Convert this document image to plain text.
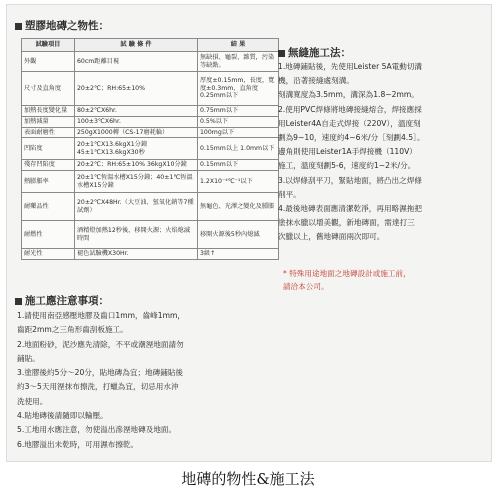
塑膠地磚之物性：
試驗項目	試 驗 條 件	結 果
外觀	60cm距離目視	無缺損、龜裂、雜質，污染等缺點。
尺寸及直角度	20±2℃；RH:65±10%	厚度±0.15mm，長度，寬度±0.3mm，直角度0.25mm以下
加熱長度變化量	80±2℃X6hr.	0.75mm以下
加熱減量	100±3℃X6hr.	0.5%以下
表面耐磨性	250gX1000轉（CS-17磨耗輪）	100mg以下
凹陷度	20±1℃X13.6kgX1分鐘 45±1℃X13.6kgX30秒	0.15mm以上 1.0mm以下
殘存凹陷度	20±2℃；RH:65±10% 36kgX10分鐘	0.15mm以下
熱膨脹率	20±1℃恆溫水槽X15分鐘；40±1℃恆溫水槽X15分鐘	1.2X10⁻⁴℃⁻¹以下
耐藥品性	20±2℃X48Hr.（大豆油、氫氧化鈉等7種試劑）	無龜色、光澤之變化及腫脹
耐燃性	酒精燈加熱12秒後，移開火源；火焰熄滅時間	移開火源後5秒內熄滅
耐光性	褪色試驗機X30Hr.	3級↑
施工應注意事項：
1.請使用南亞感壓地膠及齒口1mm，齒峰1mm，
齒距2mm之三角形齒刮板施工。
2.地面粉砂，泥沙應先清除，不平或潮溼地面請勿
鋪貼。
3.塗膠後約5分～20分，貼地磚為宜；地磚鋪貼後
約3～5天用溼抹布擦洗，打蠟為宜，切忌用水沖
洗使用。
4.貼地磚後請隨即以輪壓。
5.工地用水應注意，勿使溢出滲溼地磚及地面。
6.地膠溢出未乾時，可用濕布擦乾。
無縫施工法：
1.地磚鋪貼後，先使用Leister 5A電動切溝
機，沿著接縫處刻溝。
刻溝寬度為3.5mm，溝深為1.8~2mm。
2.使用PVC焊條將地磚接縫熔合，焊接應採
用Leister4A自走式焊接（220V），溫度刻
劃為9~10，速度約4~6米/分［刻劃4.5］。
邊角則使用Leister1A手焊接機（110V）
施工，溫度刻劃5-6，速度約1~2米/分。
3.以焊條刮平刀，緊貼地面，將凸出之焊條
削平。
4.最後地磚表面應清潔乾淨，再用略濕拖把
塗抹水臘以增美觀，新地磚面，需達打三
次臘以上，舊地磚面兩次即可。
* 特殊用途地面之地磚設計或施工前，
請洽本公司。
地磚的物性&施工法
